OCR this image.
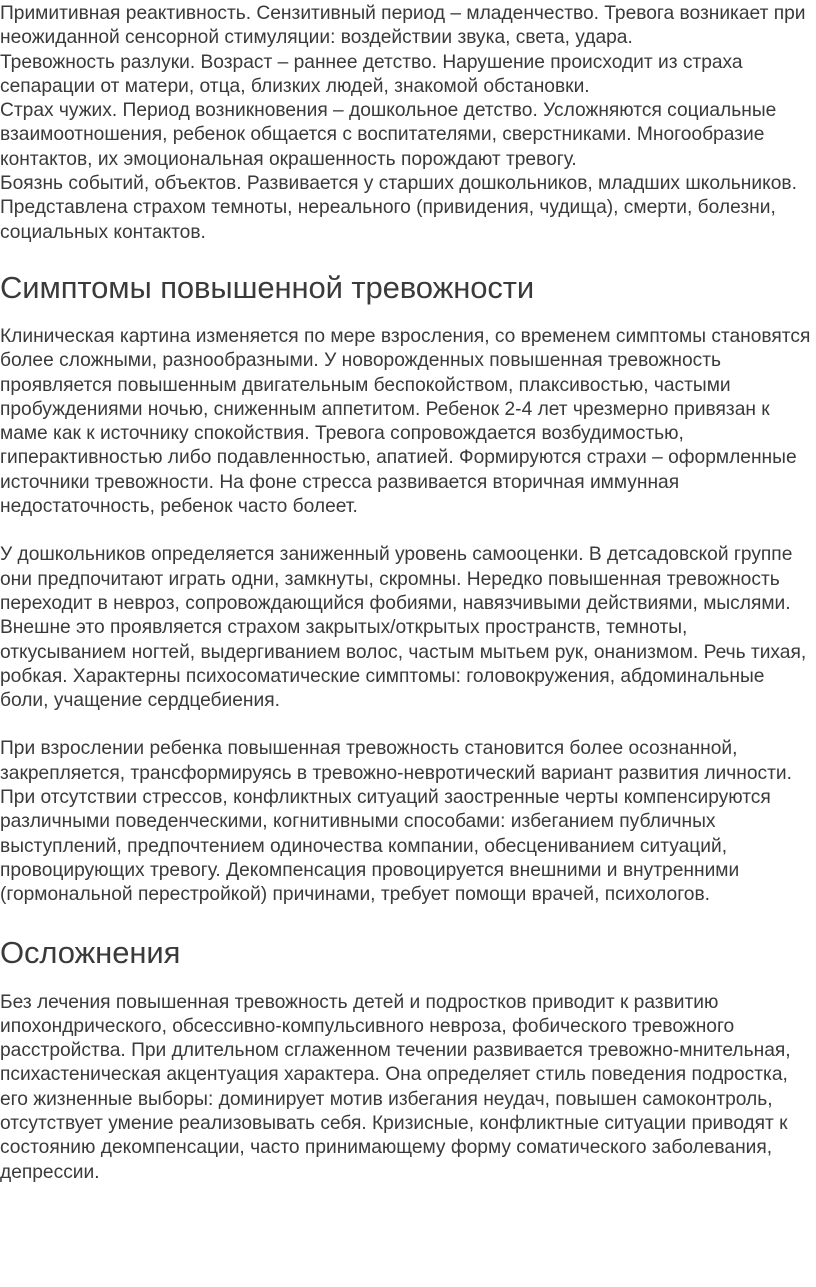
Примитивная реактивность. Сензитивный период – младенчество. Тревога возникает при неожиданной сенсорной стимуляции: воздействии звука, света, удара.

Тревожность разлуки. Возраст – раннее детство. Нарушение происходит из страха сепарации от матери, отца, близких людей, знакомой обстановки.

Страх чужих. Период возникновения – дошкольное детство. Усложняются социальные взаимоотношения, ребенок общается с воспитателями, сверстниками. Многообразие контактов, их эмоциональная окрашенность порождают тревогу.

Боязнь событий, объектов. Развивается у старших дошкольников, младших школьников. Представлена страхом темноты, нереального (привидения, чудища), смерти, болезни, социальных контактов.

Симптомы повышенной тревожности

Клиническая картина изменяется по мере взросления, со временем симптомы становятся более сложными, разнообразными. У новорожденных повышенная тревожность проявляется повышенным двигательным беспокойством, плаксивостью, частыми пробуждениями ночью, сниженным аппетитом. Ребенок 2-4 лет чрезмерно привязан к маме как к источнику спокойствия. Тревога сопровождается возбудимостью, гиперактивностью либо подавленностью, апатией. Формируются страхи – оформленные источники тревожности. На фоне стресса развивается вторичная иммунная недостаточность, ребенок часто болеет.

У дошкольников определяется заниженный уровень самооценки. В детсадовской группе они предпочитают играть одни, замкнуты, скромны. Нередко повышенная тревожность переходит в невроз, сопровождающийся фобиями, навязчивыми действиями, мыслями. Внешне это проявляется страхом закрытых/открытых пространств, темноты, откусыванием ногтей, выдергиванием волос, частым мытьем рук, онанизмом. Речь тихая, робкая. Характерны психосоматические симптомы: головокружения, абдоминальные боли, учащение сердцебиения.

При взрослении ребенка повышенная тревожность становится более осознанной, закрепляется, трансформируясь в тревожно-невротический вариант развития личности. При отсутствии стрессов, конфликтных ситуаций заостренные черты компенсируются различными поведенческими, когнитивными способами: избеганием публичных выступлений, предпочтением одиночества компании, обесцениванием ситуаций, провоцирующих тревогу. Декомпенсация провоцируется внешними и внутренними (гормональной перестройкой) причинами, требует помощи врачей, психологов.

Осложнения

Без лечения повышенная тревожность детей и подростков приводит к развитию ипохондрического, обсессивно-компульсивного невроза, фобического тревожного расстройства. При длительном сглаженном течении развивается тревожно-мнительная, психастеническая акцентуация характера. Она определяет стиль поведения подростка, его жизненные выборы: доминирует мотив избегания неудач, повышен самоконтроль, отсутствует умение реализовывать себя. Кризисные, конфликтные ситуации приводят к состоянию декомпенсации, часто принимающему форму соматического заболевания, депрессии.
